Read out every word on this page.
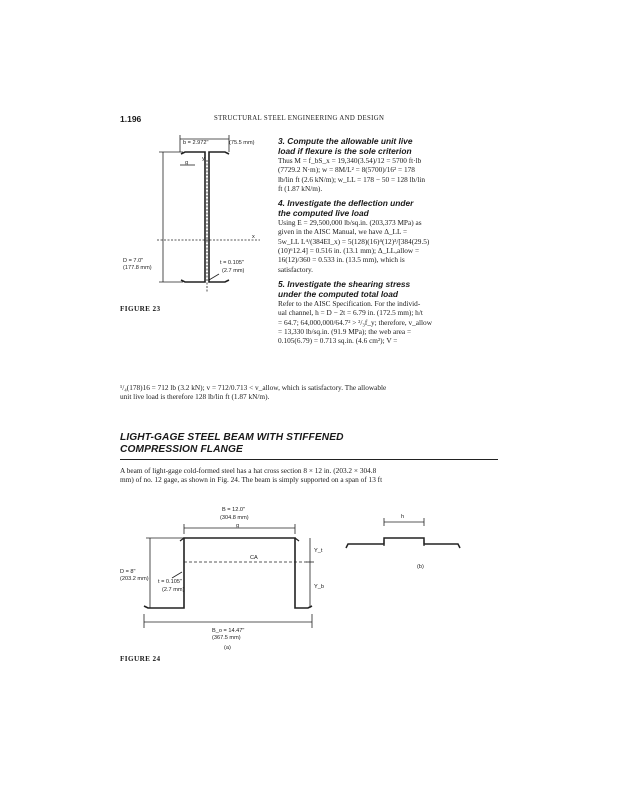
1.196	STRUCTURAL STEEL ENGINEERING AND DESIGN
b = 2.972"	(75.5 mm)
y
g
D = 7.0"
(177.8 mm)
x
t = 0.105"
(2.7 mm)
FIGURE 23
3. Compute the allowable unit live
load if flexure is the sole criterion
Thus M = f_bS_x = 19,340(3.54)/12 = 5700 ft·lb
(7729.2 N·m); w = 8M/L² = 8(5700)/16² = 178
lb/lin ft (2.6 kN/m); w_LL = 178 − 50 = 128 lb/lin
ft (1.87 kN/m).
4. Investigate the deflection under
the computed live load
Using E = 29,500,000 lb/sq.in. (203,373 MPa) as
given in the AISC Manual, we have Δ_LL =
5w_LL L⁴/(384EI_x) = 5(128)(16)⁴(12)³/[384(29.5)
(10)⁶12.4] = 0.516 in. (13.1 mm); Δ_LL,allow =
16(12)/360 = 0.533 in. (13.5 mm), which is
satisfactory.
5. Investigate the shearing stress
under the computed total load
Refer to the AISC Specification. For the individ-
ual channel, h = D − 2t = 6.79 in. (172.5 mm); h/t
= 64.7; 64,000,000/64.7² > ²/₃f_y; therefore, v_allow
= 13,330 lb/sq.in. (91.9 MPa); the web area =
0.105(6.79) = 0.713 sq.in. (4.6 cm²); V =
¹/₄(178)16 = 712 lb (3.2 kN); v = 712/0.713 < v_allow, which is satisfactory. The allowable
unit live load is therefore 128 lb/lin ft (1.87 kN/m).
LIGHT-GAGE STEEL BEAM WITH STIFFENED
COMPRESSION FLANGE
A beam of light-gage cold-formed steel has a hat cross section 8 × 12 in. (203.2 × 304.8
mm) of no. 12 gage, as shown in Fig. 24. The beam is simply supported on a span of 13 ft
B = 12.0"
(304.8 mm)
g
CA
Y_t
Y_b
D = 8"
(203.2 mm) t = 0.105"
(2.7 mm)
B_o = 14.47"
(367.5 mm)
(a)
h
(b)
FIGURE 24
